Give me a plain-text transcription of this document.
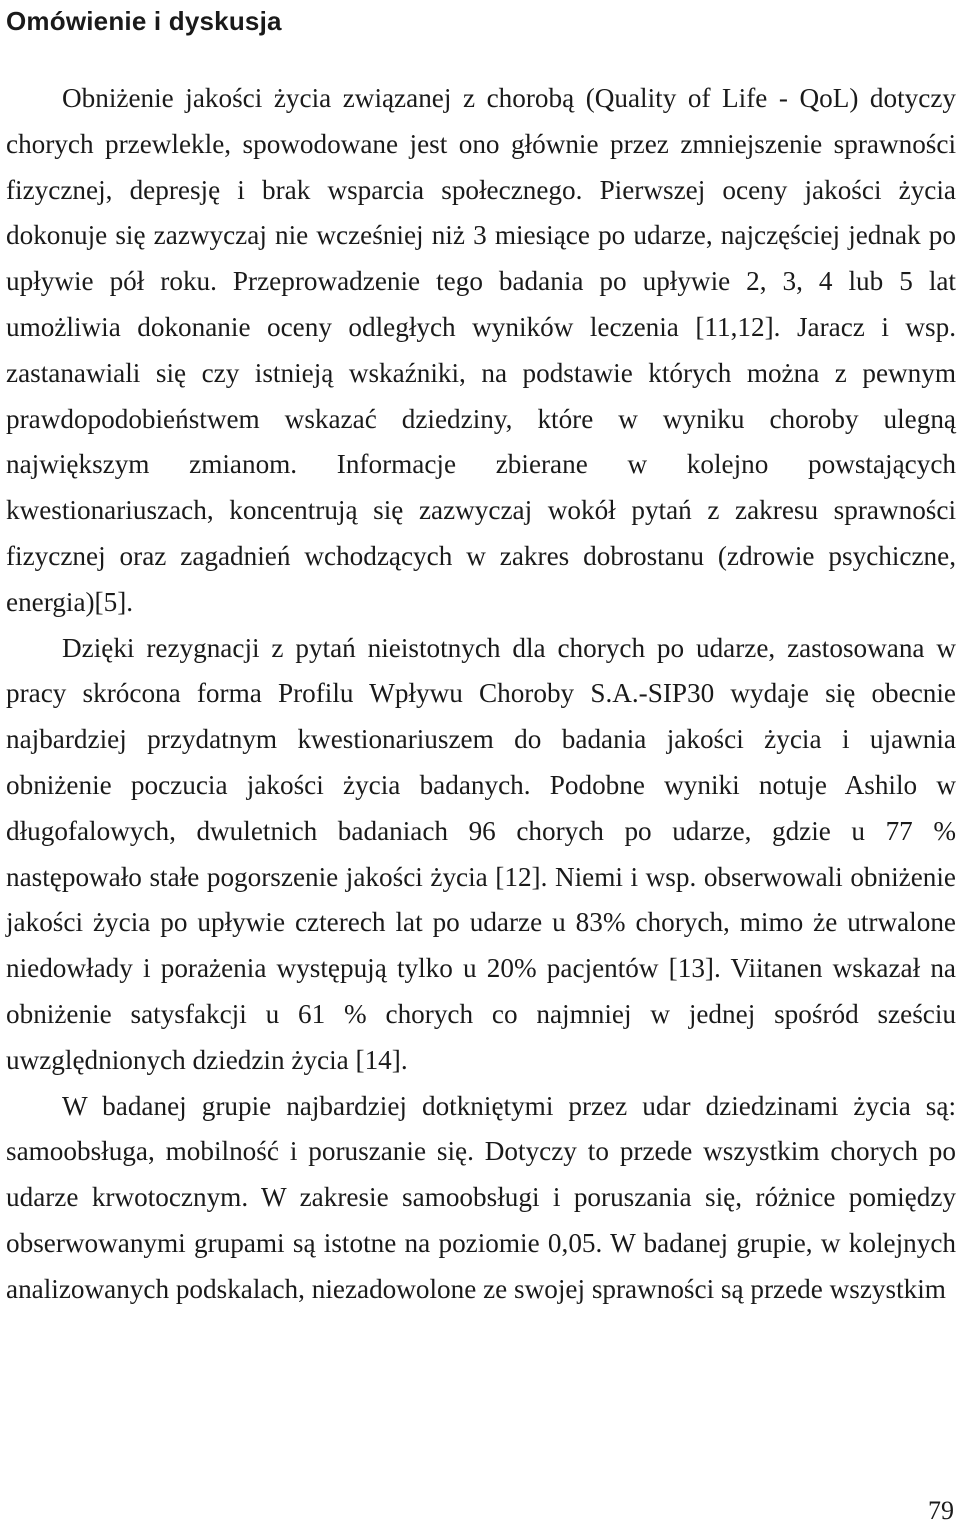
Omówienie i dyskusja

Obniżenie jakości życia związanej z chorobą (Quality of Life - QoL) dotyczy chorych przewlekle, spowodowane jest ono głównie przez zmniejszenie sprawności fizycznej, depresję i brak wsparcia społecznego. Pierwszej oceny jakości życia dokonuje się zazwyczaj nie wcześniej niż 3 miesiące po udarze, najczęściej jednak po upływie pół roku. Przeprowadzenie tego badania po upływie 2, 3, 4 lub 5 lat umożliwia dokonanie oceny odległych wyników leczenia [11,12]. Jaracz i wsp. zastanawiali się czy istnieją wskaźniki, na podstawie których można z pewnym prawdopodobieństwem wskazać dziedziny, które w wyniku choroby ulegną największym zmianom. Informacje zbierane w kolejno powstających kwestionariuszach, koncentrują się zazwyczaj wokół pytań z zakresu sprawności fizycznej oraz zagadnień wchodzących w zakres dobrostanu (zdrowie psychiczne, energia)[5].

Dzięki rezygnacji z pytań nieistotnych dla chorych po udarze, zastosowana w pracy skrócona forma Profilu Wpływu Choroby S.A.-SIP30 wydaje się obecnie najbardziej przydatnym kwestionariuszem do badania jakości życia i ujawnia obniżenie poczucia jakości życia badanych. Podobne wyniki notuje Ashilo w długofalowych, dwuletnich badaniach 96 chorych po udarze, gdzie u 77 % następowało stałe pogorszenie jakości życia [12]. Niemi i wsp. obserwowali obniżenie jakości życia po upływie czterech lat po udarze u 83% chorych, mimo że utrwalone niedowłady i porażenia występują tylko u 20% pacjentów [13]. Viitanen wskazał na obniżenie satysfakcji u 61 % chorych co najmniej w jednej spośród sześciu uwzględnionych dziedzin życia [14].

W badanej grupie najbardziej dotkniętymi przez udar dziedzinami życia są: samoobsługa, mobilność i poruszanie się. Dotyczy to przede wszystkim chorych po udarze krwotocznym. W zakresie samoobsługi i poruszania się, różnice pomiędzy obserwowanymi grupami są istotne na poziomie 0,05. W badanej grupie, w kolejnych analizowanych podskalach, niezadowolone ze swojej sprawności są przede wszystkim

79
